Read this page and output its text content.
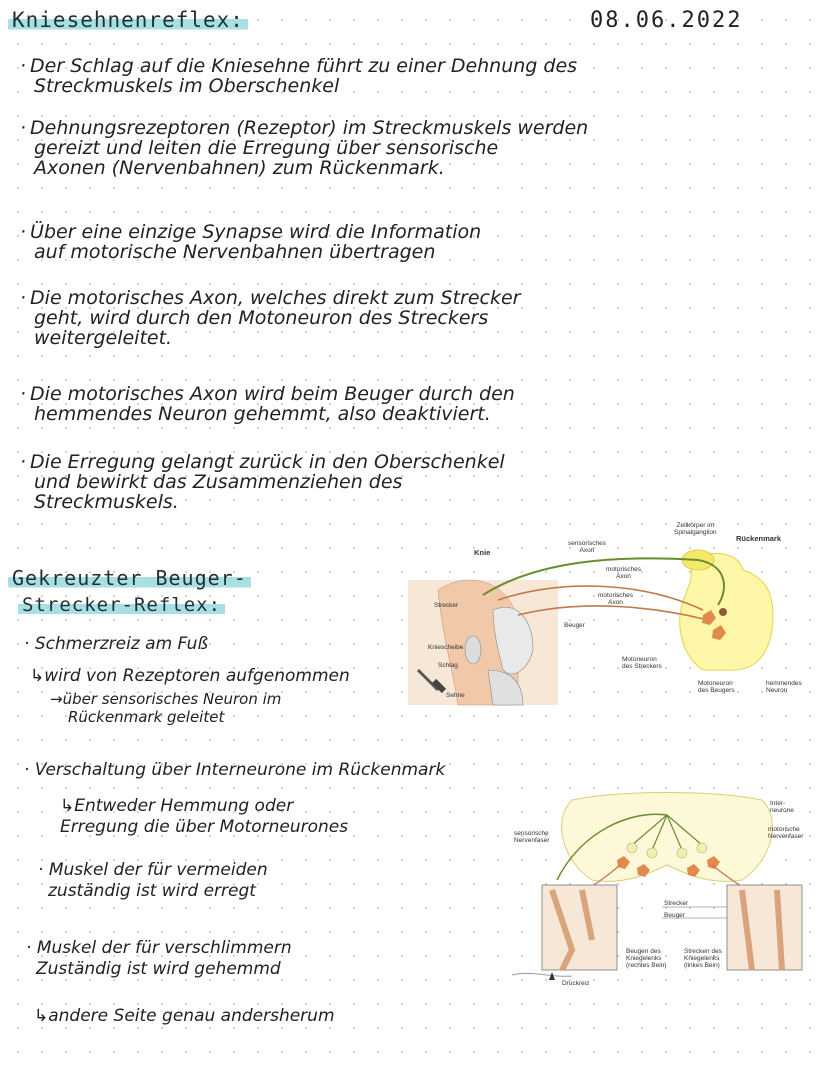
Kniesehnenreflex:	08.06.2022
· Der Schlag auf die Kniesehne führt zu einer Dehnung des
Streckmuskels im Oberschenkel
· Dehnungsrezeptoren (Rezeptor) im Streckmuskels werden
gereizt und leiten die Erregung über sensorische
Axonen (Nervenbahnen) zum Rückenmark.
· Über eine einzige Synapse wird die Information
auf motorische Nervenbahnen übertragen
· Die motorisches Axon, welches direkt zum Strecker
geht, wird durch den Motoneuron des Streckers
weitergeleitet.
· Die motorisches Axon wird beim Beuger durch den
hemmendes Neuron gehemmt, also deaktiviert.
· Die Erregung gelangt zurück in den Oberschenkel
und bewirkt das Zusammenziehen des
Streckmuskels.
Gekreuzter Beuger-
Strecker-Reflex:
· Schmerzreiz am Fuß
↳wird von Rezeptoren aufgenommen
→über sensorisches Neuron im
Rückenmark geleitet
· Verschaltung über Interneurone im Rückenmark
↳Entweder Hemmung oder
Erregung die über Motorneurones
· Muskel der für vermeiden
zuständig ist wird erregt
· Muskel der für verschlimmern
Zuständig ist wird gehemmd
↳andere Seite genau andersherum
Knie
sensorisches
Axon
Zellkörper im
Spinalganglion
Rückenmark
motorisches
Axon
motorisches
Axon
Strecker
Beuger
Kniescheibe
Schlag
Sehne
Motoneuron
des Streckers
Motoneuron
des Beugers
hemmendes
Neuron
Inter-
neurone
motorische
Nervenfaser
sensorische
Nervenfaser
Strecker
Beuger
Beugen des
Kniegelenks
(rechtes Bein)
Strecken des
Kniegelenks
(linkes Bein)
Druckreiz
